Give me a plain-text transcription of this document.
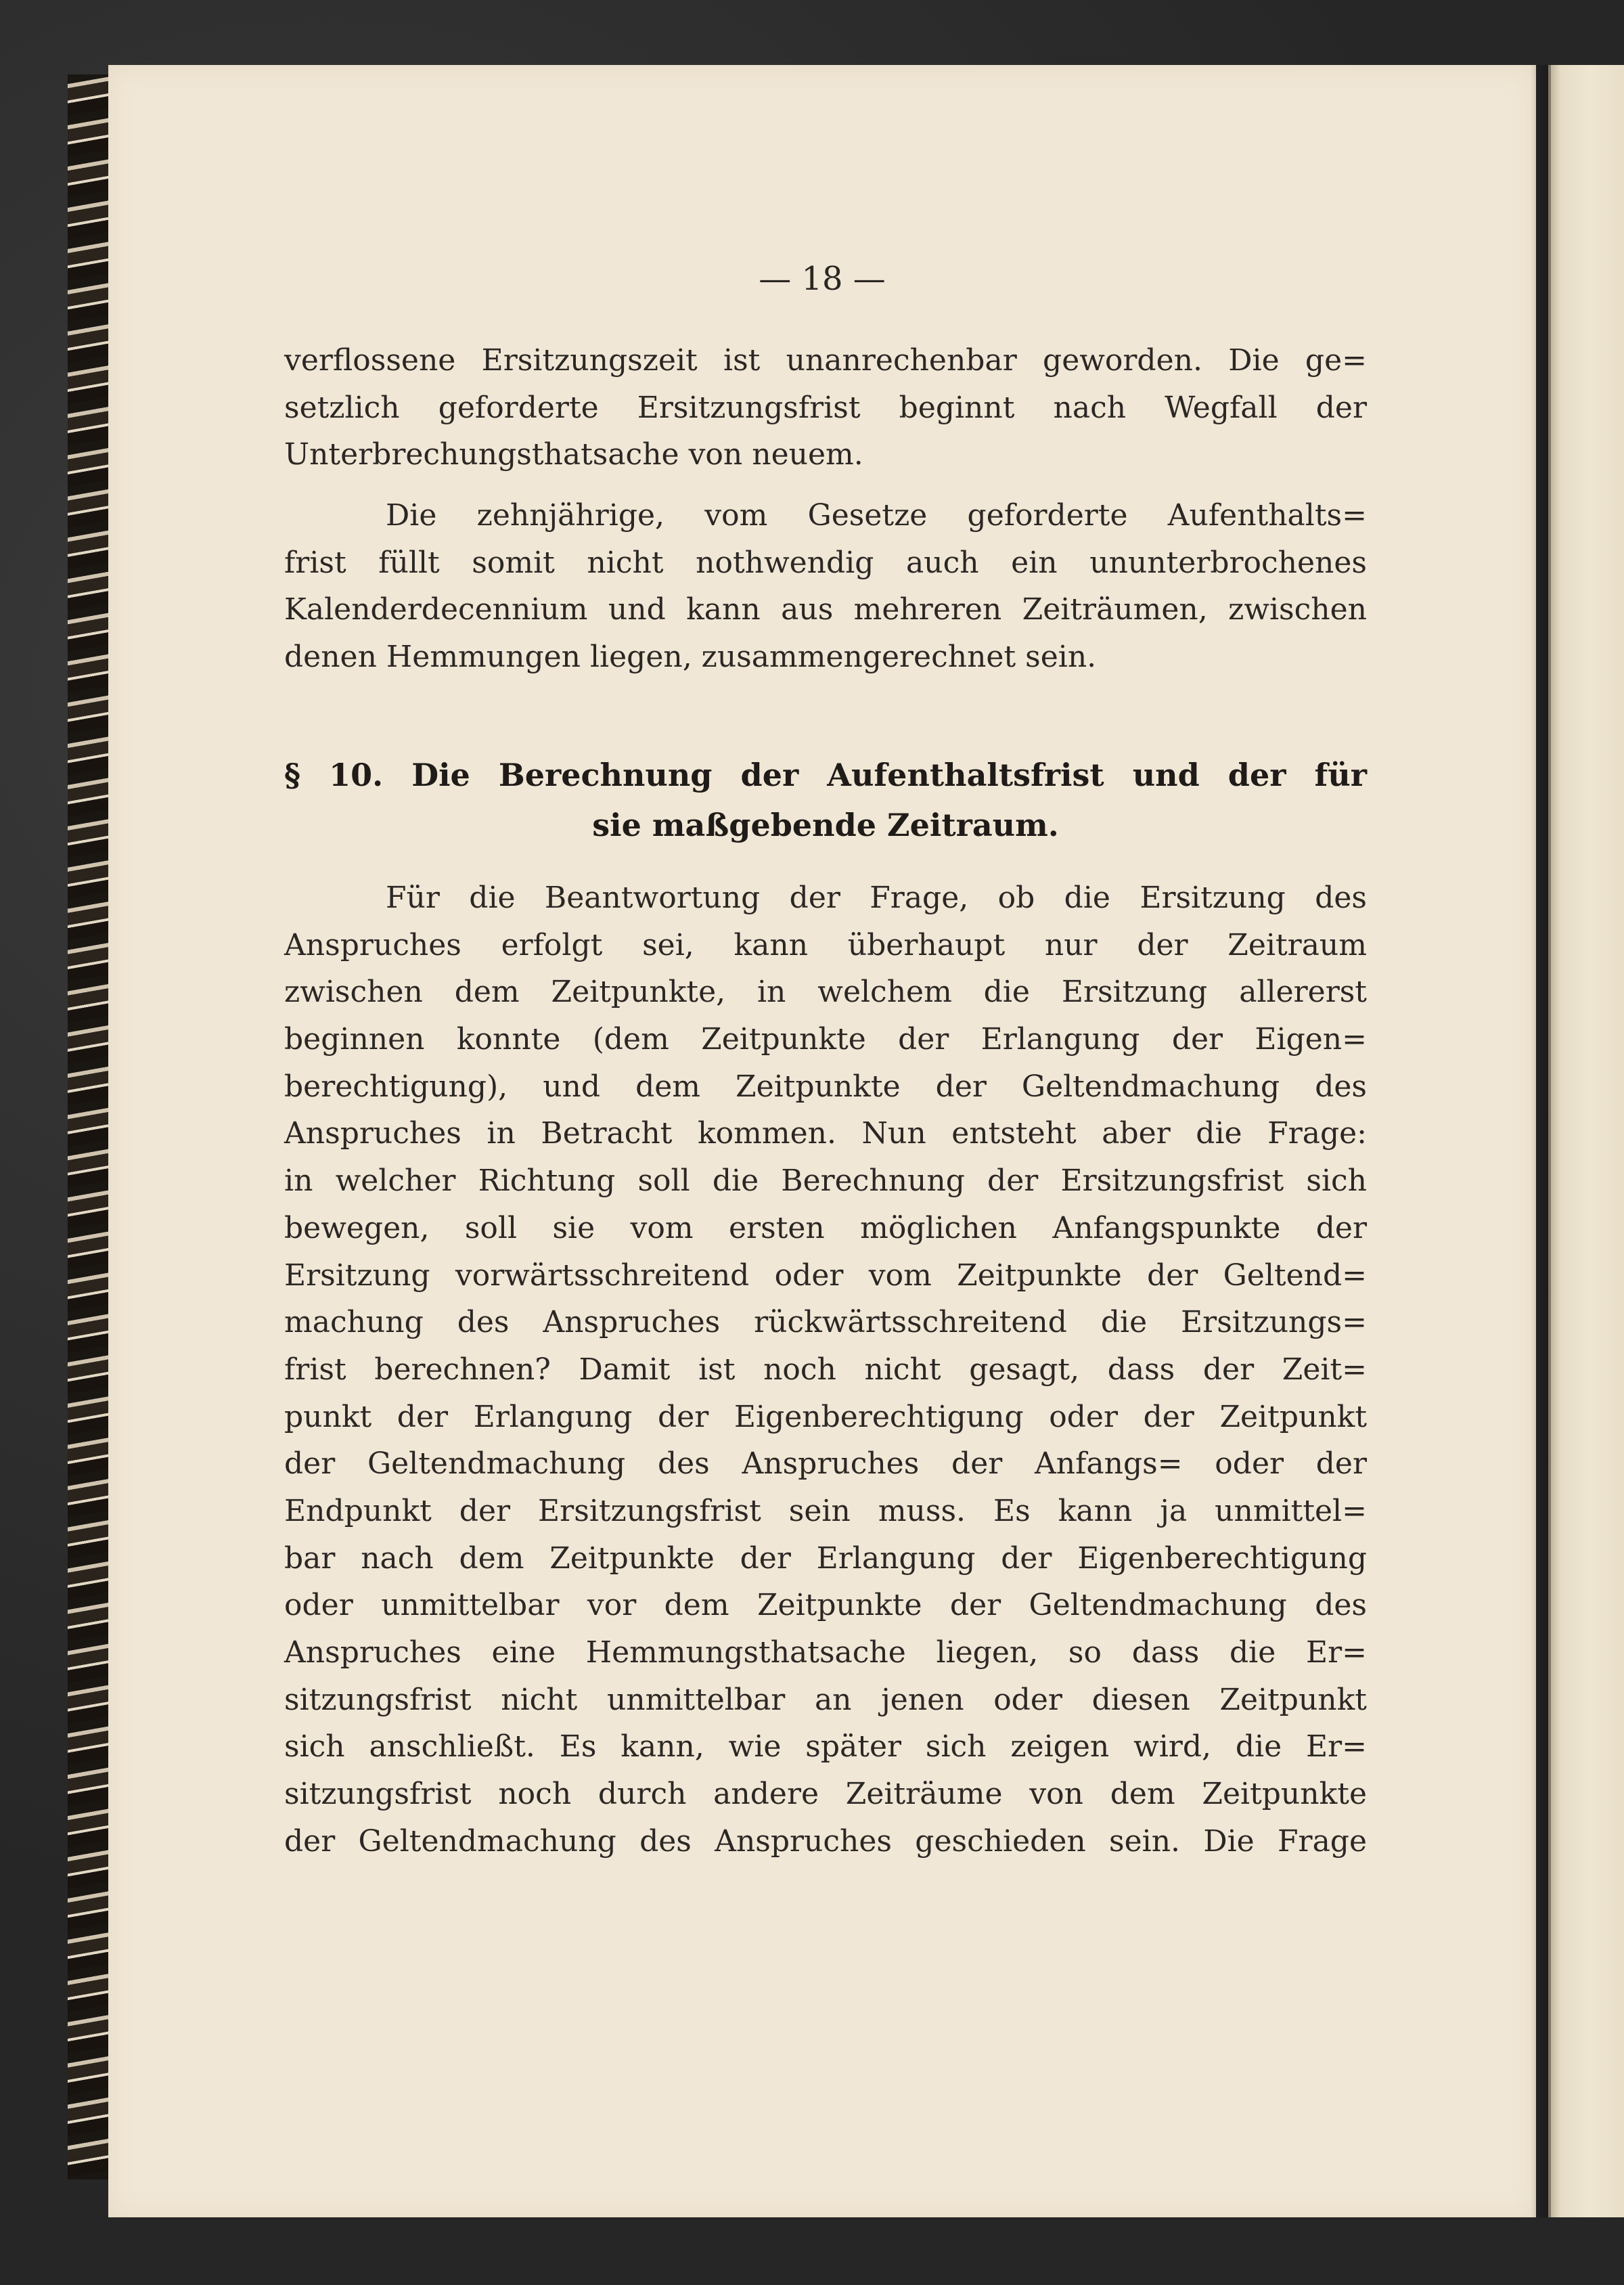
— 18 —
verflossene Ersitzungszeit ist unanrechenbar geworden. Die ge=
setzlich geforderte Ersitzungsfrist beginnt nach Wegfall der
Unterbrechungsthatsache von neuem.
Die zehnjährige, vom Gesetze geforderte Aufenthalts=
frist füllt somit nicht nothwendig auch ein ununterbrochenes
Kalenderdecennium und kann aus mehreren Zeiträumen, zwischen
denen Hemmungen liegen, zusammengerechnet sein.
§ 10. Die Berechnung der Aufenthaltsfrist und der für
sie maßgebende Zeitraum.
Für die Beantwortung der Frage, ob die Ersitzung des
Anspruches erfolgt sei, kann überhaupt nur der Zeitraum
zwischen dem Zeitpunkte, in welchem die Ersitzung allererst
beginnen konnte (dem Zeitpunkte der Erlangung der Eigen=
berechtigung), und dem Zeitpunkte der Geltendmachung des
Anspruches in Betracht kommen. Nun entsteht aber die Frage:
in welcher Richtung soll die Berechnung der Ersitzungsfrist sich
bewegen, soll sie vom ersten möglichen Anfangspunkte der
Ersitzung vorwärtsschreitend oder vom Zeitpunkte der Geltend=
machung des Anspruches rückwärtsschreitend die Ersitzungs=
frist berechnen? Damit ist noch nicht gesagt, dass der Zeit=
punkt der Erlangung der Eigenberechtigung oder der Zeitpunkt
der Geltendmachung des Anspruches der Anfangs= oder der
Endpunkt der Ersitzungsfrist sein muss. Es kann ja unmittel=
bar nach dem Zeitpunkte der Erlangung der Eigenberechtigung
oder unmittelbar vor dem Zeitpunkte der Geltendmachung des
Anspruches eine Hemmungsthatsache liegen, so dass die Er=
sitzungsfrist nicht unmittelbar an jenen oder diesen Zeitpunkt
sich anschließt. Es kann, wie später sich zeigen wird, die Er=
sitzungsfrist noch durch andere Zeiträume von dem Zeitpunkte
der Geltendmachung des Anspruches geschieden sein. Die Frage
